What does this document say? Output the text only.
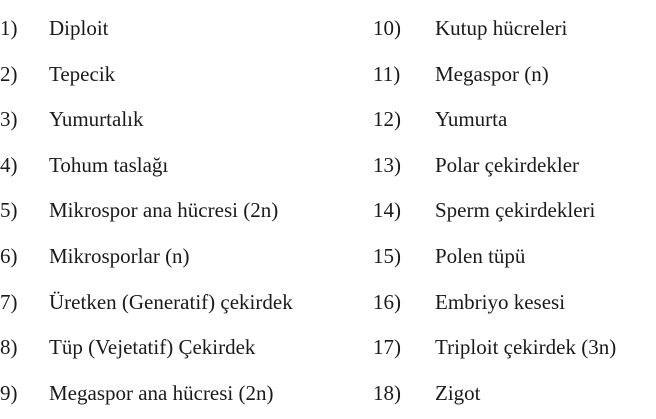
1) Diploit
2) Tepecik
3) Yumurtalık
4) Tohum taslağı
5) Mikrospor ana hücresi (2n)
6) Mikrosporlar (n)
7) Üretken (Generatif) çekirdek
8) Tüp (Vejetatif) Çekirdek
9) Megaspor ana hücresi (2n)
10) Kutup hücreleri
11) Megaspor (n)
12) Yumurta
13) Polar çekirdekler
14) Sperm çekirdekleri
15) Polen tüpü
16) Embriyo kesesi
17) Triploit çekirdek (3n)
18) Zigot
